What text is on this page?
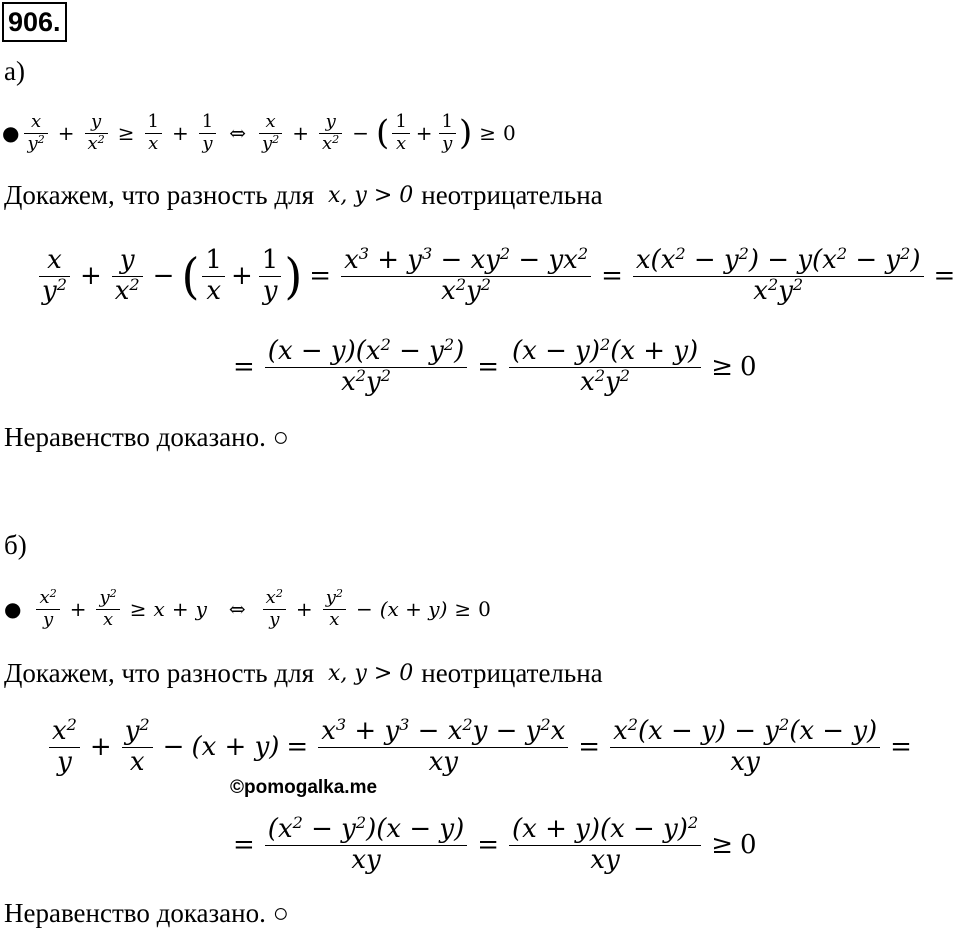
906.
а)
● $\frac{x}{y^2} + \frac{y}{x^2} \ge \frac{1}{x} + \frac{1}{y}$ ⇔ $\frac{x}{y^2} + \frac{y}{x^2}$ − ( $\frac{1}{x} + \frac{1}{y}$ ) ≥ 0
Докажем, что разность для x, y > 0 неотрицательна
$\frac{x}{y^2} + \frac{y}{x^2}$ − ( $\frac{1}{x} + \frac{1}{y}$ ) = $\frac{x^3 + y^3 - xy^2 - yx^2}{x^2y^2} = \frac{x(x^2 - y^2) - y(x^2 - y^2)}{x^2y^2}$ =
= $\frac{(x - y)(x^2 - y^2)}{x^2y^2} = \frac{(x - y)^2(x + y)}{x^2y^2} \ge 0$
Неравенство доказано. ○
б)
● $\frac{x^2}{y} + \frac{y^2}{x} \ge x + y$ ⇔ $\frac{x^2}{y} + \frac{y^2}{x} - (x + y) \ge 0$
Докажем, что разность для x, y > 0 неотрицательна
$\frac{x^2}{y} + \frac{y^2}{x} - (x + y) = \frac{x^3 + y^3 - x^2y - y^2x}{xy} = \frac{x^2(x - y) - y^2(x - y)}{xy}$ =
©pomogalka.me
= $\frac{(x^2 - y^2)(x - y)}{xy} = \frac{(x + y)(x - y)^2}{xy} \ge 0$
Неравенство доказано. ○
